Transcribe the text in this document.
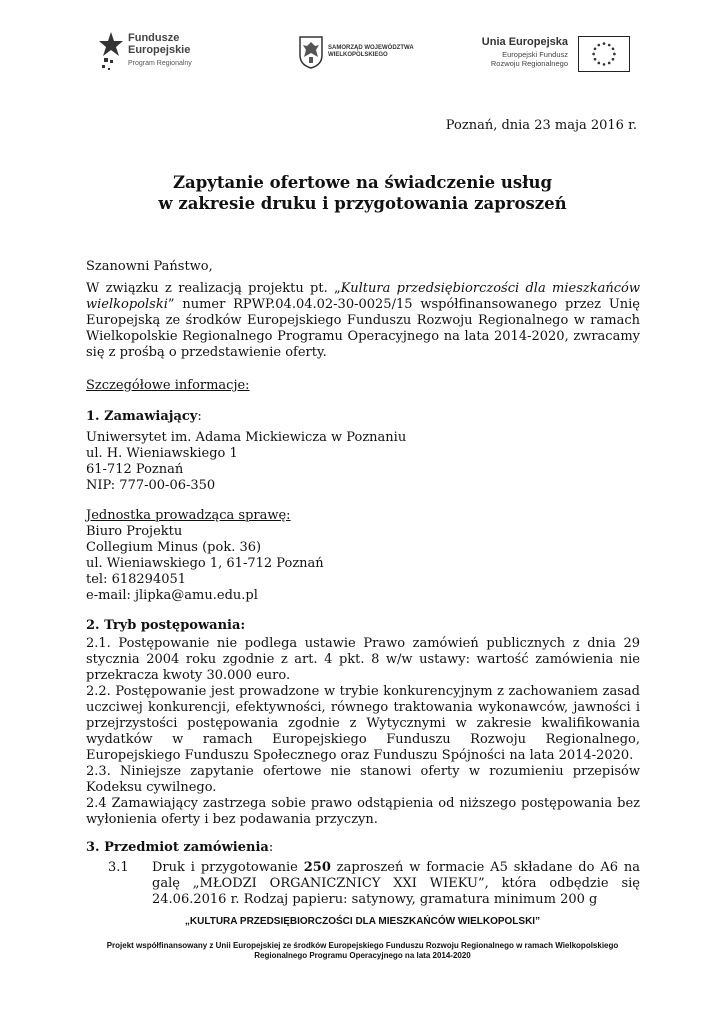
Fundusze
Europejskie
Program Regionalny
SAMORZĄD WOJEWÓDZTWA
WIELKOPOLSKIEGO
Unia Europejska
Europejski Fundusz
Rozwoju Regionalnego
Poznań, dnia 23 maja 2016 r.
Zapytanie ofertowe na świadczenie usług
w zakresie druku i przygotowania zaproszeń
Szanowni Państwo,
W związku z realizacją projektu pt. „Kultura przedsiębiorczości dla mieszkańców wielkopolski” numer RPWP.04.04.02-30-0025/15 współfinansowanego przez Unię Europejską ze środków Europejskiego Funduszu Rozwoju Regionalnego w ramach Wielkopolskie Regionalnego Programu Operacyjnego na lata 2014-2020, zwracamy się z prośbą o przedstawienie oferty.
Szczegółowe informacje:
1. Zamawiający:
Uniwersytet im. Adama Mickiewicza w Poznaniu
ul. H. Wieniawskiego 1
61-712 Poznań
NIP: 777-00-06-350
Jednostka prowadząca sprawę:
Biuro Projektu
Collegium Minus (pok. 36)
ul. Wieniawskiego 1, 61-712 Poznań
tel: 618294051
e-mail: jlipka@amu.edu.pl
2. Tryb postępowania:
2.1. Postępowanie nie podlega ustawie Prawo zamówień publicznych z dnia 29 stycznia 2004 roku zgodnie z art. 4 pkt. 8 w/w ustawy: wartość zamówienia nie przekracza kwoty 30.000 euro.
2.2. Postępowanie jest prowadzone w trybie konkurencyjnym z zachowaniem zasad uczciwej konkurencji, efektywności, równego traktowania wykonawców, jawności i przejrzystości postępowania zgodnie z Wytycznymi w zakresie kwalifikowania wydatków w ramach Europejskiego Funduszu Rozwoju Regionalnego, Europejskiego Funduszu Społecznego oraz Funduszu Spójności na lata 2014-2020.
2.3. Niniejsze zapytanie ofertowe nie stanowi oferty w rozumieniu przepisów Kodeksu cywilnego.
2.4 Zamawiający zastrzega sobie prawo odstąpienia od niższego postępowania bez wyłonienia oferty i bez podawania przyczyn.
3. Przedmiot zamówienia:
3.1 Druk i przygotowanie 250 zaproszeń w formacie A5 składane do A6 na galę „MŁODZI ORGANICZNICY XXI WIEKU”, która odbędzie się 24.06.2016 r. Rodzaj papieru: satynowy, gramatura minimum 200 g
„KULTURA PRZEDSIĘBIORCZOŚCI DLA MIESZKAŃCÓW WIELKOPOLSKI”
Projekt współfinansowany z Unii Europejskiej ze środków Europejskiego Funduszu Rozwoju Regionalnego w ramach Wielkopolskiego Regionalnego Programu Operacyjnego na lata 2014-2020
